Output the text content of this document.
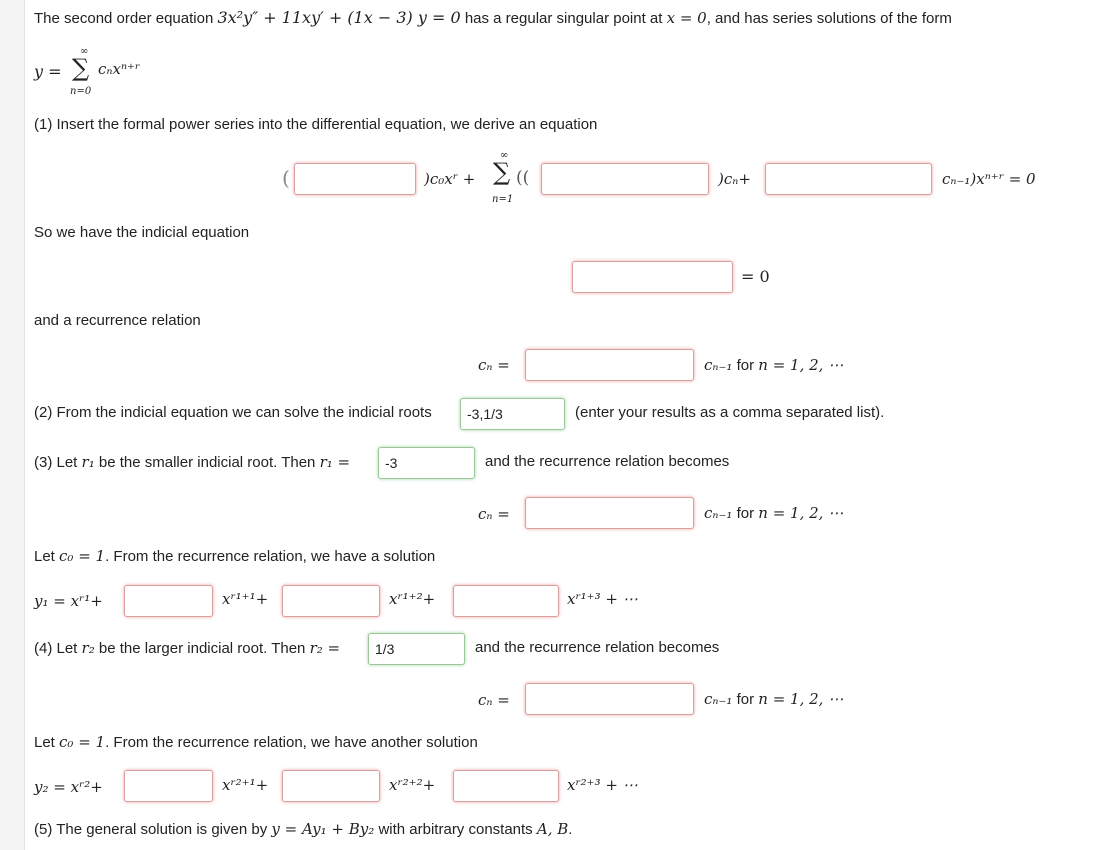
The second order equation 3x²y″ + 11xy′ + (1x − 3) y = 0 has a regular singular point at x = 0, and has series solutions of the form
y =
∞
∑
n=0
cₙxⁿ⁺ʳ
(1) Insert the formal power series into the differential equation, we derive an equation
(	)c₀xʳ +
∞
∑
n=1
((	)cₙ+	cₙ₋₁)xⁿ⁺ʳ = 0
So we have the indicial equation
= 0
and a recurrence relation
cₙ =	cₙ₋₁ for n = 1, 2, ⋯
(2) From the indicial equation we can solve the indicial roots
-3,1/3	(enter your results as a comma separated list).
(3) Let r₁ be the smaller indicial root. Then r₁ =
-3	and the recurrence relation becomes
cₙ =	cₙ₋₁ for n = 1, 2, ⋯
Let c₀ = 1. From the recurrence relation, we have a solution
y₁ = xʳ¹+	xʳ¹⁺¹+	xʳ¹⁺²+	xʳ¹⁺³ + ⋯
(4) Let r₂ be the larger indicial root. Then r₂ =
1/3	and the recurrence relation becomes
cₙ =	cₙ₋₁ for n = 1, 2, ⋯
Let c₀ = 1. From the recurrence relation, we have another solution
y₂ = xʳ²+	xʳ²⁺¹+	xʳ²⁺²+	xʳ²⁺³ + ⋯
(5) The general solution is given by y = Ay₁ + By₂ with arbitrary constants A, B.
